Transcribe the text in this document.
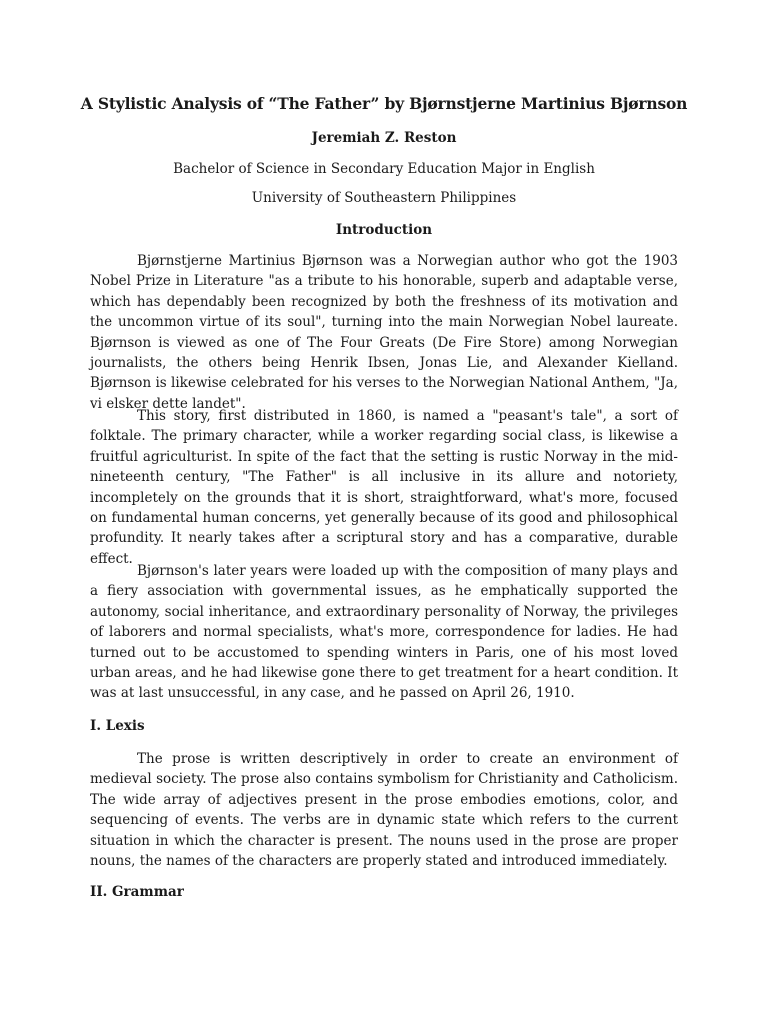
A Stylistic Analysis of “The Father” by Bjørnstjerne Martinius Bjørnson
Jeremiah Z. Reston
Bachelor of Science in Secondary Education Major in English
University of Southeastern Philippines
Introduction

Bjørnstjerne Martinius Bjørnson was a Norwegian author who got the 1903 Nobel Prize in Literature "as a tribute to his honorable, superb and adaptable verse, which has dependably been recognized by both the freshness of its motivation and the uncommon virtue of its soul", turning into the main Norwegian Nobel laureate. Bjørnson is viewed as one of The Four Greats (De Fire Store) among Norwegian journalists, the others being Henrik Ibsen, Jonas Lie, and Alexander Kielland. Bjørnson is likewise celebrated for his verses to the Norwegian National Anthem, "Ja, vi elsker dette landet".

This story, first distributed in 1860, is named a "peasant's tale", a sort of folktale. The primary character, while a worker regarding social class, is likewise a fruitful agriculturist. In spite of the fact that the setting is rustic Norway in the mid-nineteenth century, "The Father" is all inclusive in its allure and notoriety, incompletely on the grounds that it is short, straightforward, what's more, focused on fundamental human concerns, yet generally because of its good and philosophical profundity. It nearly takes after a scriptural story and has a comparative, durable effect.

Bjørnson's later years were loaded up with the composition of many plays and a fiery association with governmental issues, as he emphatically supported the autonomy, social inheritance, and extraordinary personality of Norway, the privileges of laborers and normal specialists, what's more, correspondence for ladies. He had turned out to be accustomed to spending winters in Paris, one of his most loved urban areas, and he had likewise gone there to get treatment for a heart condition. It was at last unsuccessful, in any case, and he passed on April 26, 1910.

I. Lexis

The prose is written descriptively in order to create an environment of medieval society. The prose also contains symbolism for Christianity and Catholicism. The wide array of adjectives present in the prose embodies emotions, color, and sequencing of events. The verbs are in dynamic state which refers to the current situation in which the character is present. The nouns used in the prose are proper nouns, the names of the characters are properly stated and introduced immediately.

II. Grammar
